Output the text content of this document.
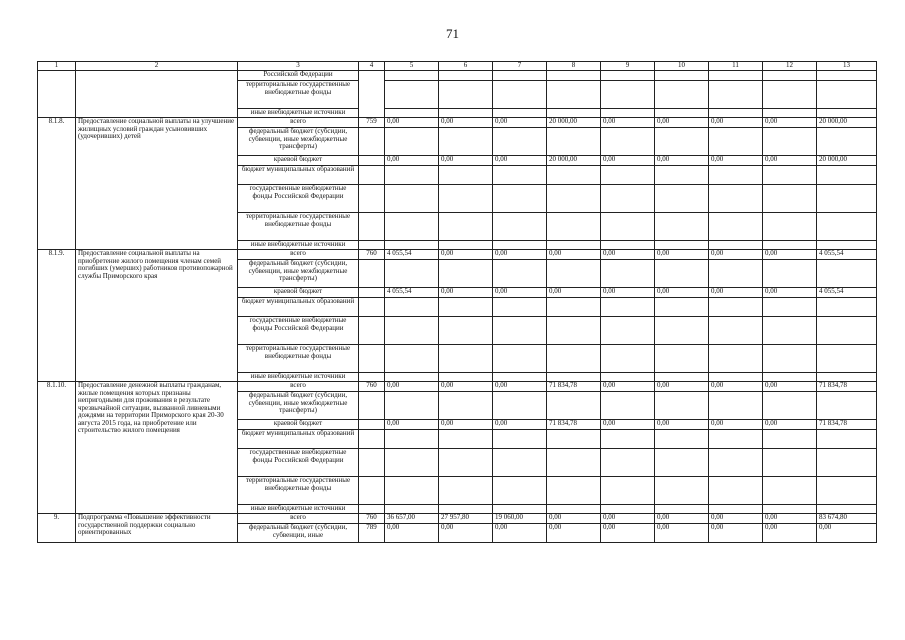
71
1	2	3	4	5	6	7	8	9	10	11	12	13
		Российской Федерации										
		территориальные государственные внебюджетные фонды										
		иные внебюджетные источники										
8.1.8.	Предоставление социальной выплаты на улучшение жилищных условий граждан усыновивших (удочеривших) детей	всего	759	0,00	0,00	0,00	20 000,00	0,00	0,00	0,00	0,00	20 000,00
		федеральный бюджет (субсидии, субвенции, иные межбюджетные трансферты)										
		краевой бюджет		0,00	0,00	0,00	20 000,00	0,00	0,00	0,00	0,00	20 000,00
		бюджет муниципальных образований										
		государственные внебюджетные фонды Российской Федерации										
		территориальные государственные внебюджетные фонды										
		иные внебюджетные источники										
8.1.9.	Предоставление социальной выплаты на приобретение жилого помещения членам семей погибших (умерших) работников противопожарной службы Приморского края	всего	760	4 055,54	0,00	0,00	0,00	0,00	0,00	0,00	0,00	4 055,54
		федеральный бюджет (субсидии, субвенции, иные межбюджетные трансферты)										
		краевой бюджет		4 055,54	0,00	0,00	0,00	0,00	0,00	0,00	0,00	4 055,54
		бюджет муниципальных образований										
		государственные внебюджетные фонды Российской Федерации										
		территориальные государственные внебюджетные фонды										
		иные внебюджетные источники										
8.1.10.	Предоставление денежной выплаты гражданам, жилые помещения которых признаны непригодными для проживания в результате чрезвычайной ситуации, вызванной ливневыми дождями на территории Приморского края 20-30 августа 2015 года, на приобретение или строительство жилого помещения	всего	760	0,00	0,00	0,00	71 834,78	0,00	0,00	0,00	0,00	71 834,78
		федеральный бюджет (субсидии, субвенции, иные межбюджетные трансферты)										
		краевой бюджет		0,00	0,00	0,00	71 834,78	0,00	0,00	0,00	0,00	71 834,78
		бюджет муниципальных образований										
		государственные внебюджетные фонды Российской Федерации										
		территориальные государственные внебюджетные фонды										
		иные внебюджетные источники										
9.	Подпрограмма «Повышение эффективности государственной поддержки социально ориентированных	всего	760	36 657,00	27 957,80	19 060,00	0,00	0,00	0,00	0,00	0,00	83 674,80
		федеральный бюджет (субсидии, субвенции, иные	789	0,00	0,00	0,00	0,00	0,00	0,00	0,00	0,00	0,00
